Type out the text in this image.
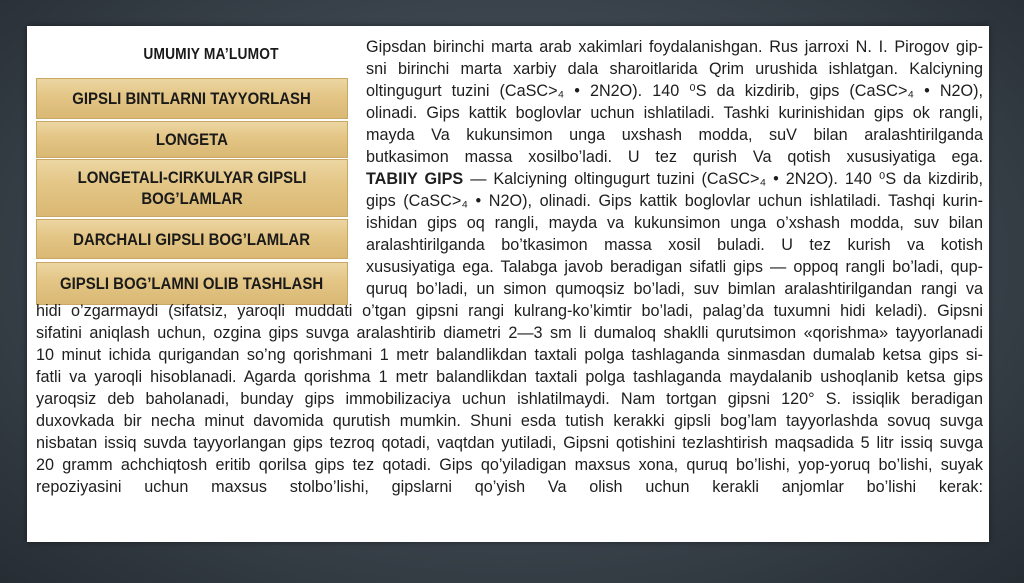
UMUMIY MA’LUMOT
GIPSLI BINTLARNI TAYYORLASH
LONGETA
LONGETALI-CIRKULYAR GIPSLI
BOG’LAMLAR
DARCHALI GIPSLI BOG’LAMLAR
GIPSLI BOG’LAMNI OLIB TASHLASH
Gipsdan birinchi marta arab xakimlari foydalanishgan. Rus jarroxi N. I. Pirogov gip-
sni birinchi marta xarbiy dala sharoitlarida Qrim urushida ishlatgan. Kalciyning
oltingugurt tuzini (CaSC>₄ • 2N2O). 140 ⁰S da kizdirib, gips (CaSC>₄ • N2O),
olinadi. Gips kattik boglovlar uchun ishlatiladi. Tashki kurinishidan gips ok rangli,
mayda Va kukunsimon unga uxshash modda, suV bilan aralashtirilganda
butkasimon massa xosilbo’ladi. U tez qurish Va qotish xususiyatiga ega.
TABIIY GIPS — Kalciyning oltingugurt tuzini (CaSC>₄ • 2N2O). 140 ⁰S da kizdirib,
gips (CaSC>₄ • N2O), olinadi. Gips kattik boglovlar uchun ishlatiladi. Tashqi kurin-
ishidan gips oq rangli, mayda va kukunsimon unga o’xshash modda, suv bilan
aralashtirilganda bo’tkasimon massa xosil buladi. U tez kurish va kotish
xususiyatiga ega. Talabga javob beradigan sifatli gips — oppoq rangli bo’ladi, qup-
quruq bo’ladi, un simon qumoqsiz bo’ladi, suv bimlan aralashtirilgandan rangi va
hidi o’zgarmaydi (sifatsiz, yaroqli muddati o’tgan gipsni rangi kulrang-ko’kimtir bo’ladi, palag’da tuxumni hidi keladi). Gipsni
sifatini aniqlash uchun, ozgina gips suvga aralashtirib diametri 2—3 sm li dumaloq shaklli qurutsimon «qorishma» tayyorlanadi
10 minut ichida qurigandan so’ng qorishmani 1 metr balandlikdan taxtali polga tashlaganda sinmasdan dumalab ketsa gips si-
fatli va yaroqli hisoblanadi. Agarda qorishma 1 metr balandlikdan taxtali polga tashlaganda maydalanib ushoqlanib ketsa gips
yaroqsiz deb baholanadi, bunday gips immobilizaciya uchun ishlatilmaydi. Nam tortgan gipsni 120° S. issiqlik beradigan
duxovkada bir necha minut davomida qurutish mumkin. Shuni esda tutish kerakki gipsli bog’lam tayyorlashda sovuq suvga
nisbatan issiq suvda tayyorlangan gips tezroq qotadi, vaqtdan yutiladi, Gipsni qotishini tezlashtirish maqsadida 5 litr issiq suvga
20 gramm achchiqtosh eritib qorilsa gips tez qotadi. Gips qo’yiladigan maxsus xona, quruq bo’lishi, yop-yoruq bo’lishi, suyak
repoziyasini uchun maxsus stolbo’lishi, gipslarni qo’yish Va olish uchun kerakli anjomlar bo’lishi kerak:
